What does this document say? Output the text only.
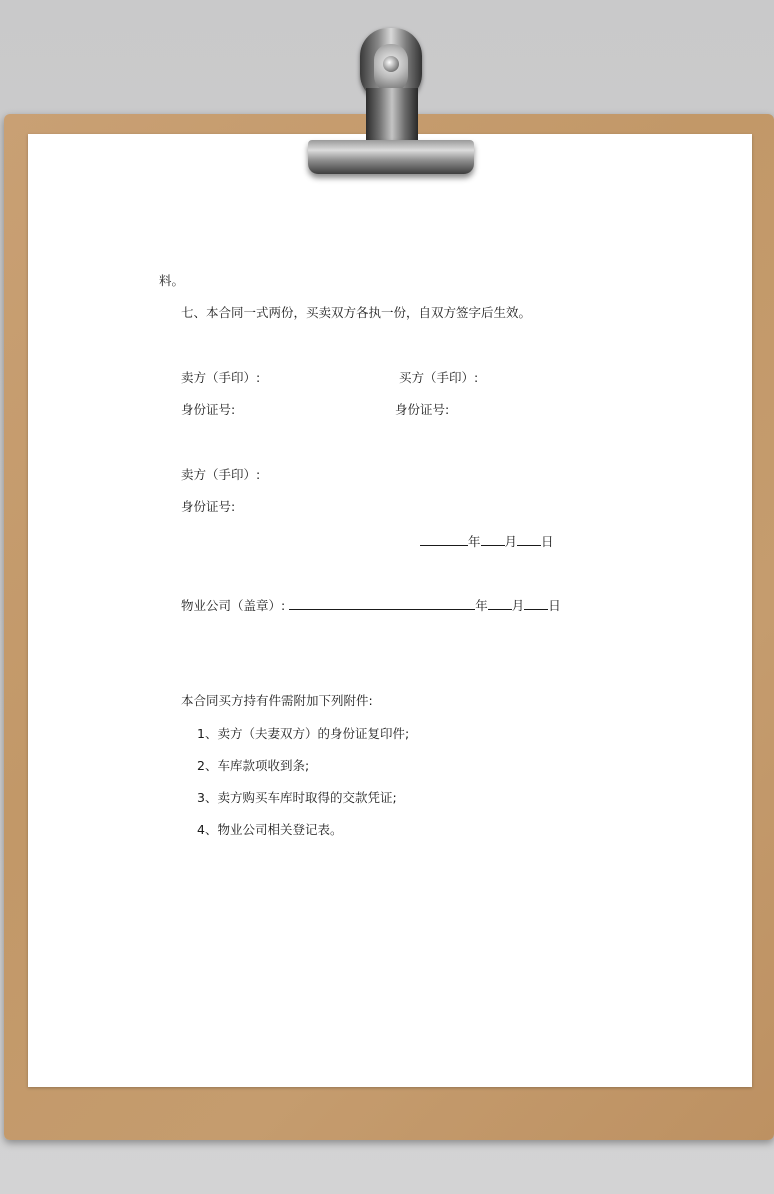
料。
七、本合同一式两份，买卖双方各执一份，自双方签字后生效。
卖方（手印）:	买方（手印）:
身份证号:	身份证号:
卖方（手印）:
身份证号:
年 月 日
物业公司（盖章）:	年 月 日
本合同买方持有件需附加下列附件:
1、卖方（夫妻双方）的身份证复印件;
2、车库款项收到条;
3、卖方购买车库时取得的交款凭证;
4、物业公司相关登记表。
